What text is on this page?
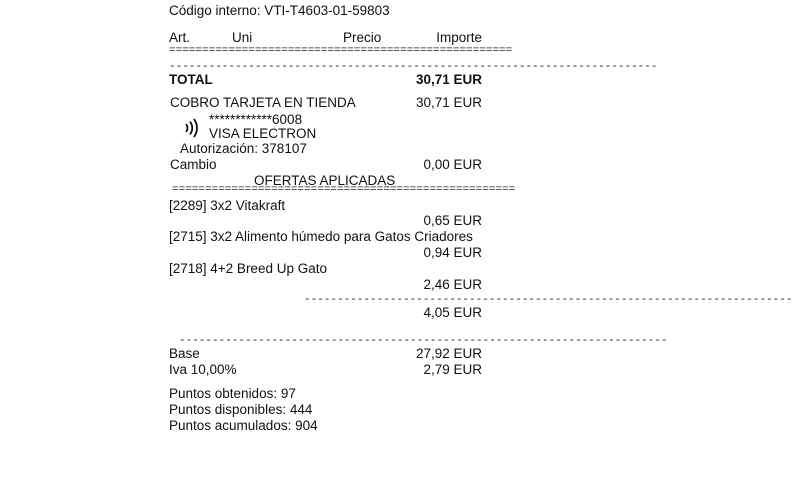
Código interno: VTI-T4603-01-59803
Art.	Uni	Precio	Importe
====================================================
--------------------------------------------------------------------------
TOTAL	30,71 EUR
COBRO TARJETA EN TIENDA	30,71 EUR
************6008
VISA ELECTRON
Autorización: 378107
Cambio	0,00 EUR
OFERTAS APLICADAS
====================================================
[2289] 3x2 Vitakraft
0,65 EUR
[2715] 3x2 Alimento húmedo para Gatos Criadores
0,94 EUR
[2718] 4+2 Breed Up Gato
2,46 EUR
--------------------------------------------------------------------------
4,05 EUR
--------------------------------------------------------------------------
Base	27,92 EUR
Iva 10,00%	2,79 EUR
Puntos obtenidos: 97
Puntos disponibles: 444
Puntos acumulados: 904
